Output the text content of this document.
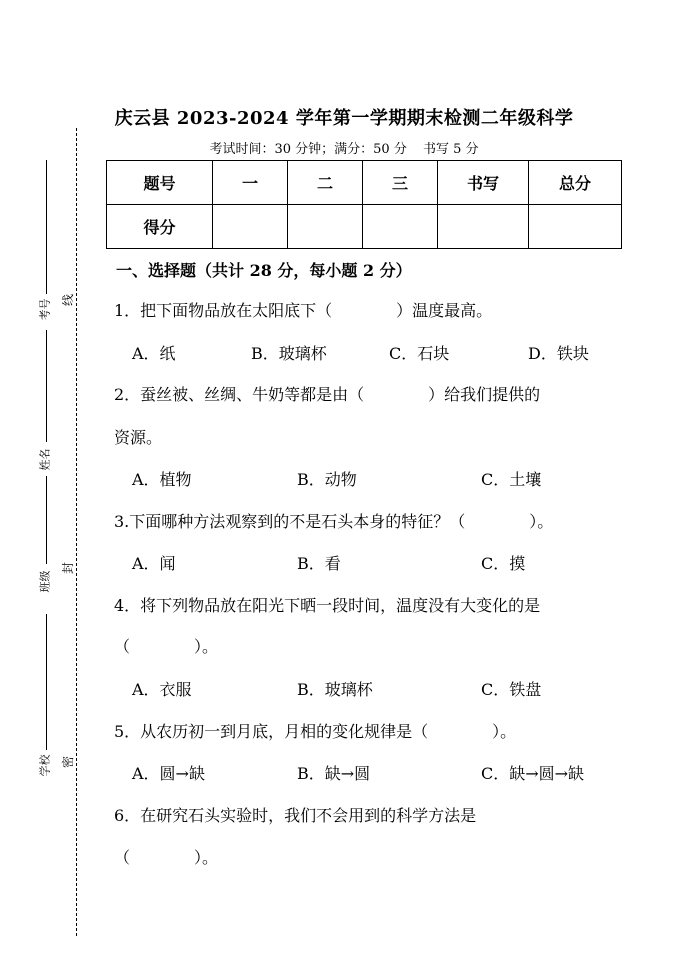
考号
姓名
班级
学校
线
封
密
庆云县 2023-2024 学年第一学期期末检测二年级科学
考试时间：30 分钟；满分：50 分 书写 5 分
题号	一	二	三	书写	总分
得分					
一、选择题（共计 28 分，每小题 2 分）
1．把下面物品放在太阳底下（　　　　）温度最高。
A．纸	B．玻璃杯	C．石块	D．铁块
2．蚕丝被、丝绸、牛奶等都是由（　　　　）给我们提供的
资源。
A．植物	B．动物	C．土壤
3.下面哪种方法观察到的不是石头本身的特征？（　　　　）。
A．闻	B．看	C．摸
4．将下列物品放在阳光下晒一段时间，温度没有大变化的是
（　　　　）。
A．衣服	B．玻璃杯	C．铁盘
5．从农历初一到月底，月相的变化规律是（　　　　）。
A．圆→缺	B．缺→圆	C．缺→圆→缺
6．在研究石头实验时，我们不会用到的科学方法是
（　　　　）。
